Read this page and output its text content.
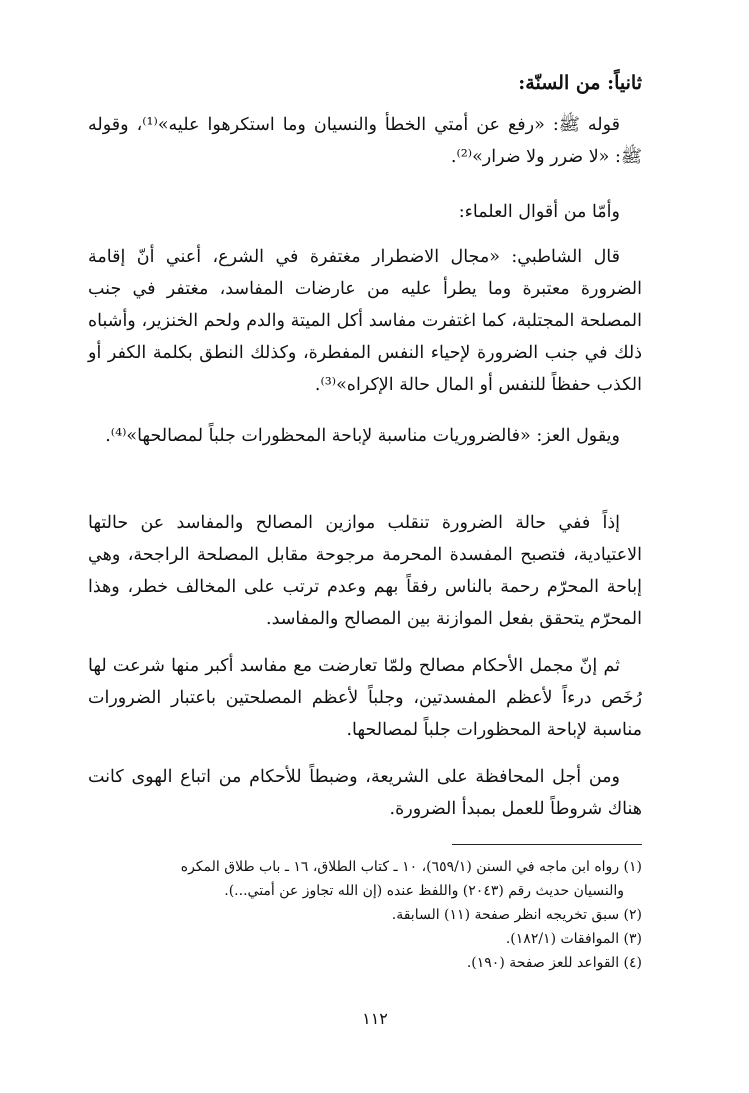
ثانياً: من السنّة:

قوله ﷺ: «رفع عن أمتي الخطأ والنسيان وما استكرهوا عليه»⁽¹⁾، وقوله ﷺ: «لا ضرر ولا ضرار»⁽²⁾.

وأمّا من أقوال العلماء:

قال الشاطبي: «مجال الاضطرار مغتفرة في الشرع، أعني أنّ إقامة الضرورة معتبرة وما يطرأ عليه من عارضات المفاسد، مغتفر في جنب المصلحة المجتلبة، كما اغتفرت مفاسد أكل الميتة والدم ولحم الخنزير، وأشباه ذلك في جنب الضرورة لإحياء النفس المفطرة، وكذلك النطق بكلمة الكفر أو الكذب حفظاً للنفس أو المال حالة الإكراه»⁽³⁾.

ويقول العز: «فالضروريات مناسبة لإباحة المحظورات جلباً لمصالحها»⁽⁴⁾.

إذاً ففي حالة الضرورة تنقلب موازين المصالح والمفاسد عن حالتها الاعتيادية، فتصبح المفسدة المحرمة مرجوحة مقابل المصلحة الراجحة، وهي إباحة المحرّم رحمة بالناس رفقاً بهم وعدم ترتب على المخالف خطر، وهذا المحرّم يتحقق بفعل الموازنة بين المصالح والمفاسد.

ثم إنّ مجمل الأحكام مصالح ولمّا تعارضت مع مفاسد أكبر منها شرعت لها رُخَص درءاً لأعظم المفسدتين، وجلباً لأعظم المصلحتين باعتبار الضرورات مناسبة لإباحة المحظورات جلباً لمصالحها.

ومن أجل المحافظة على الشريعة، وضبطاً للأحكام من اتباع الهوى كانت هناك شروطاً للعمل بمبدأ الضرورة.

(١) رواه ابن ماجه في السنن (٦٥٩/١)، ١٠ ـ كتاب الطلاق، ١٦ ـ باب طلاق المكره

والنسيان حديث رقم (٢٠٤٣) واللفظ عنده (إن الله تجاوز عن أمتي...).

(٢) سبق تخريجه انظر صفحة (١١) السابقة.

(٣) الموافقات (١٨٢/١).

(٤) القواعد للعز صفحة (١٩٠).

١١٢
